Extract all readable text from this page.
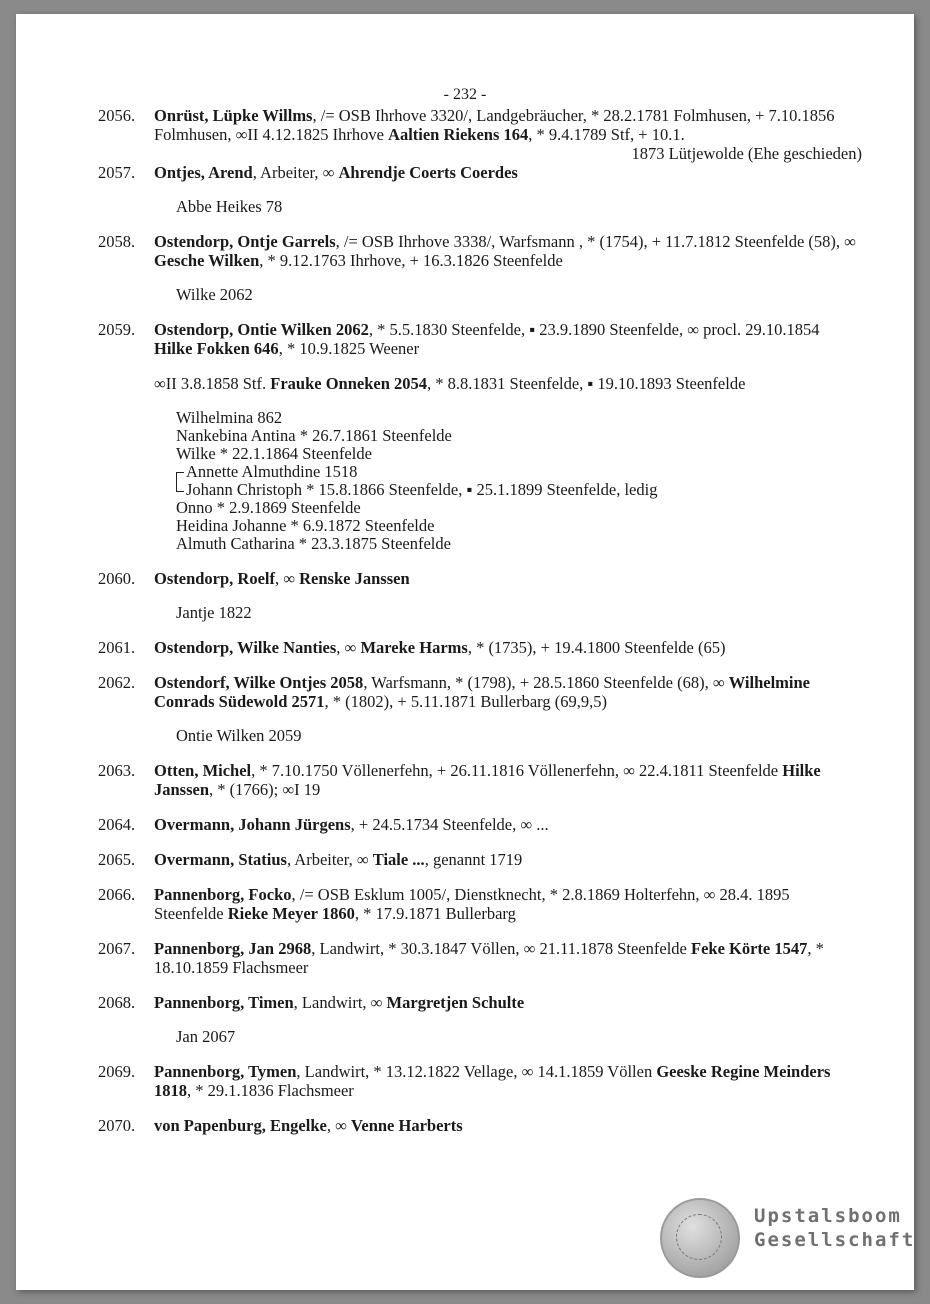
- 232 -
2056. Onrüst, Lüpke Willms, /= OSB Ihrhove 3320/, Landgebräucher, * 28.2.1781 Folmhusen, + 7.10.1856 Folmhusen, ∞II 4.12.1825 Ihrhove Aaltien Riekens 164, * 9.4.1789 Stf, + 10.1.
1873 Lütjewolde (Ehe geschieden)
2057. Ontjes, Arend, Arbeiter, ∞ Ahrendje Coerts Coerdes
Abbe Heikes 78
2058. Ostendorp, Ontje Garrels, /= OSB Ihrhove 3338/, Warfsmann , * (1754), + 11.7.1812 Steenfelde (58), ∞ Gesche Wilken, * 9.12.1763 Ihrhove, + 16.3.1826 Steenfelde
Wilke 2062
2059. Ostendorp, Ontie Wilken 2062, * 5.5.1830 Steenfelde, ▪ 23.9.1890 Steenfelde, ∞ procl. 29.10.1854 Hilke Fokken 646, * 10.9.1825 Weener
∞II 3.8.1858 Stf. Frauke Onneken 2054, * 8.8.1831 Steenfelde, ▪ 19.10.1893 Steenfelde
Wilhelmina 862
Nankebina Antina * 26.7.1861 Steenfelde
Wilke * 22.1.1864 Steenfelde
Annette Almuthdine 1518
Johann Christoph * 15.8.1866 Steenfelde, ▪ 25.1.1899 Steenfelde, ledig
Onno * 2.9.1869 Steenfelde
Heidina Johanne * 6.9.1872 Steenfelde
Almuth Catharina * 23.3.1875 Steenfelde
2060. Ostendorp, Roelf, ∞ Renske Janssen
Jantje 1822
2061. Ostendorp, Wilke Nanties, ∞ Mareke Harms, * (1735), + 19.4.1800 Steenfelde (65)
2062. Ostendorf, Wilke Ontjes 2058, Warfsmann, * (1798), + 28.5.1860 Steenfelde (68), ∞ Wilhelmine Conrads Südewold 2571, * (1802), + 5.11.1871 Bullerbarg (69,9,5)
Ontie Wilken 2059
2063. Otten, Michel, * 7.10.1750 Völlenerfehn, + 26.11.1816 Völlenerfehn, ∞ 22.4.1811 Steenfelde Hilke Janssen, * (1766); ∞I 19
2064. Overmann, Johann Jürgens, + 24.5.1734 Steenfelde, ∞ ...
2065. Overmann, Statius, Arbeiter, ∞ Tiale ..., genannt 1719
2066. Pannenborg, Focko, /= OSB Esklum 1005/, Dienstknecht, * 2.8.1869 Holterfehn, ∞ 28.4. 1895 Steenfelde Rieke Meyer 1860, * 17.9.1871 Bullerbarg
2067. Pannenborg, Jan 2968, Landwirt, * 30.3.1847 Völlen, ∞ 21.11.1878 Steenfelde Feke Körte 1547, * 18.10.1859 Flachsmeer
2068. Pannenborg, Timen, Landwirt, ∞ Margretjen Schulte
Jan 2067
2069. Pannenborg, Tymen, Landwirt, * 13.12.1822 Vellage, ∞ 14.1.1859 Völlen Geeske Regine Meinders 1818, * 29.1.1836 Flachsmeer
2070. von Papenburg, Engelke, ∞ Venne Harberts
Upstalsboom
Gesellschaft
